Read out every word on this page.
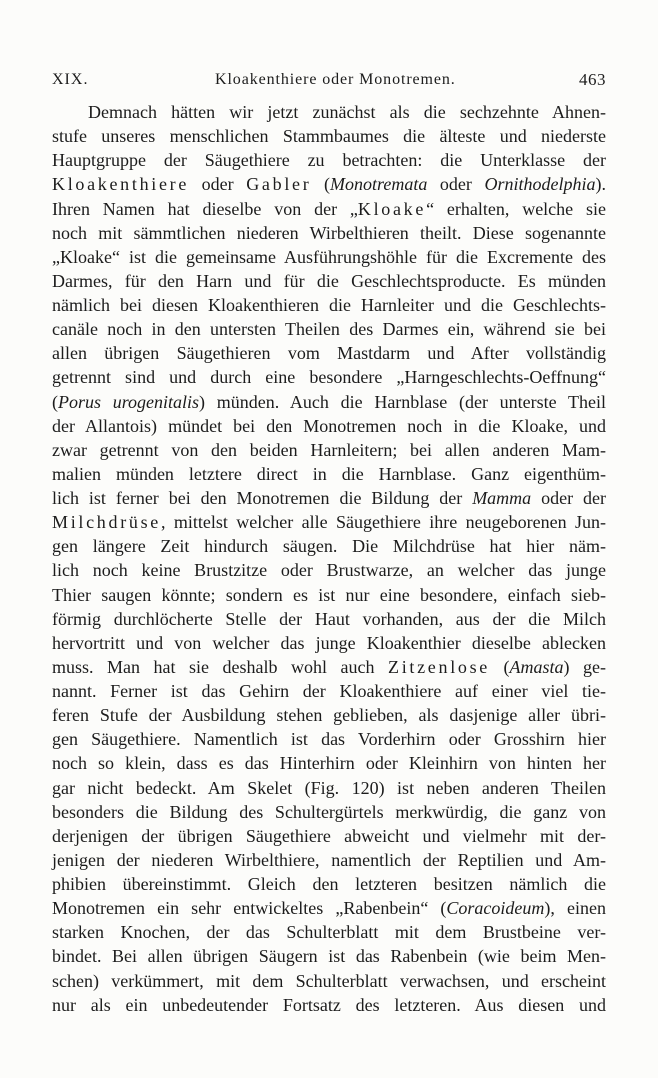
XIX.	Kloakenthiere oder Monotremen.	463
Demnach hätten wir jetzt zunächst als die sechzehnte Ahnen-
stufe unseres menschlichen Stammbaumes die älteste und niederste
Hauptgruppe der Säugethiere zu betrachten: die Unterklasse der
Kloakenthiere oder Gabler (Monotremata oder Ornithodelphia).
Ihren Namen hat dieselbe von der „Kloake“ erhalten, welche sie
noch mit sämmtlichen niederen Wirbelthieren theilt. Diese sogenannte
„Kloake“ ist die gemeinsame Ausführungshöhle für die Excremente des
Darmes, für den Harn und für die Geschlechtsproducte. Es münden
nämlich bei diesen Kloakenthieren die Harnleiter und die Geschlechts-
canäle noch in den untersten Theilen des Darmes ein, während sie bei
allen übrigen Säugethieren vom Mastdarm und After vollständig
getrennt sind und durch eine besondere „Harngeschlechts-Oeffnung“
(Porus urogenitalis) münden. Auch die Harnblase (der unterste Theil
der Allantois) mündet bei den Monotremen noch in die Kloake, und
zwar getrennt von den beiden Harnleitern; bei allen anderen Mam-
malien münden letztere direct in die Harnblase. Ganz eigenthüm-
lich ist ferner bei den Monotremen die Bildung der Mamma oder der
Milchdrüse, mittelst welcher alle Säugethiere ihre neugeborenen Jun-
gen längere Zeit hindurch säugen. Die Milchdrüse hat hier näm-
lich noch keine Brustzitze oder Brustwarze, an welcher das junge
Thier saugen könnte; sondern es ist nur eine besondere, einfach sieb-
förmig durchlöcherte Stelle der Haut vorhanden, aus der die Milch
hervortritt und von welcher das junge Kloakenthier dieselbe ablecken
muss. Man hat sie deshalb wohl auch Zitzenlose (Amasta) ge-
nannt. Ferner ist das Gehirn der Kloakenthiere auf einer viel tie-
feren Stufe der Ausbildung stehen geblieben, als dasjenige aller übri-
gen Säugethiere. Namentlich ist das Vorderhirn oder Grosshirn hier
noch so klein, dass es das Hinterhirn oder Kleinhirn von hinten her
gar nicht bedeckt. Am Skelet (Fig. 120) ist neben anderen Theilen
besonders die Bildung des Schultergürtels merkwürdig, die ganz von
derjenigen der übrigen Säugethiere abweicht und vielmehr mit der-
jenigen der niederen Wirbelthiere, namentlich der Reptilien und Am-
phibien übereinstimmt. Gleich den letzteren besitzen nämlich die
Monotremen ein sehr entwickeltes „Rabenbein“ (Coracoideum), einen
starken Knochen, der das Schulterblatt mit dem Brustbeine ver-
bindet. Bei allen übrigen Säugern ist das Rabenbein (wie beim Men-
schen) verkümmert, mit dem Schulterblatt verwachsen, und erscheint
nur als ein unbedeutender Fortsatz des letzteren. Aus diesen und
